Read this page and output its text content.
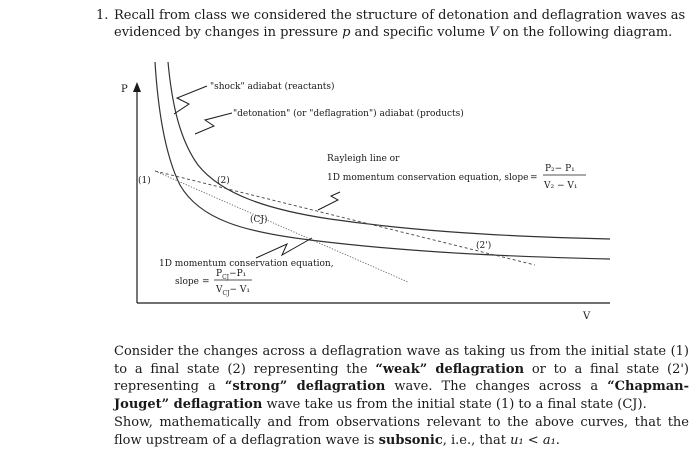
1. Recall from class we considered the structure of detonation and deflagration waves as
evidenced by changes in pressure p and specific volume V on the following diagram.
P
V
"shock" adiabat (reactants)
"detonation" (or "deflagration") adiabat (products)
Rayleigh line or
1D momentum conservation equation, slope =
P₂− P₁
V₂ − V₁
(1)	(2)
(CJ)
(2')
1D momentum conservation equation,
slope =
$P_{CJ}-P_1$
$V_{CJ}- V_1$
Consider the changes across a deflagration wave as taking us from the initial state (1) to a final state (2) representing the “weak” deflagration or to a final state (2') representing a “strong” deflagration wave. The changes across a “Chapman-Jouget” deflagration wave take us from the initial state (1) to a final state (CJ).
Show, mathematically and from observations relevant to the above curves, that the flow upstream of a deflagration wave is subsonic, i.e., that u₁ < a₁.
